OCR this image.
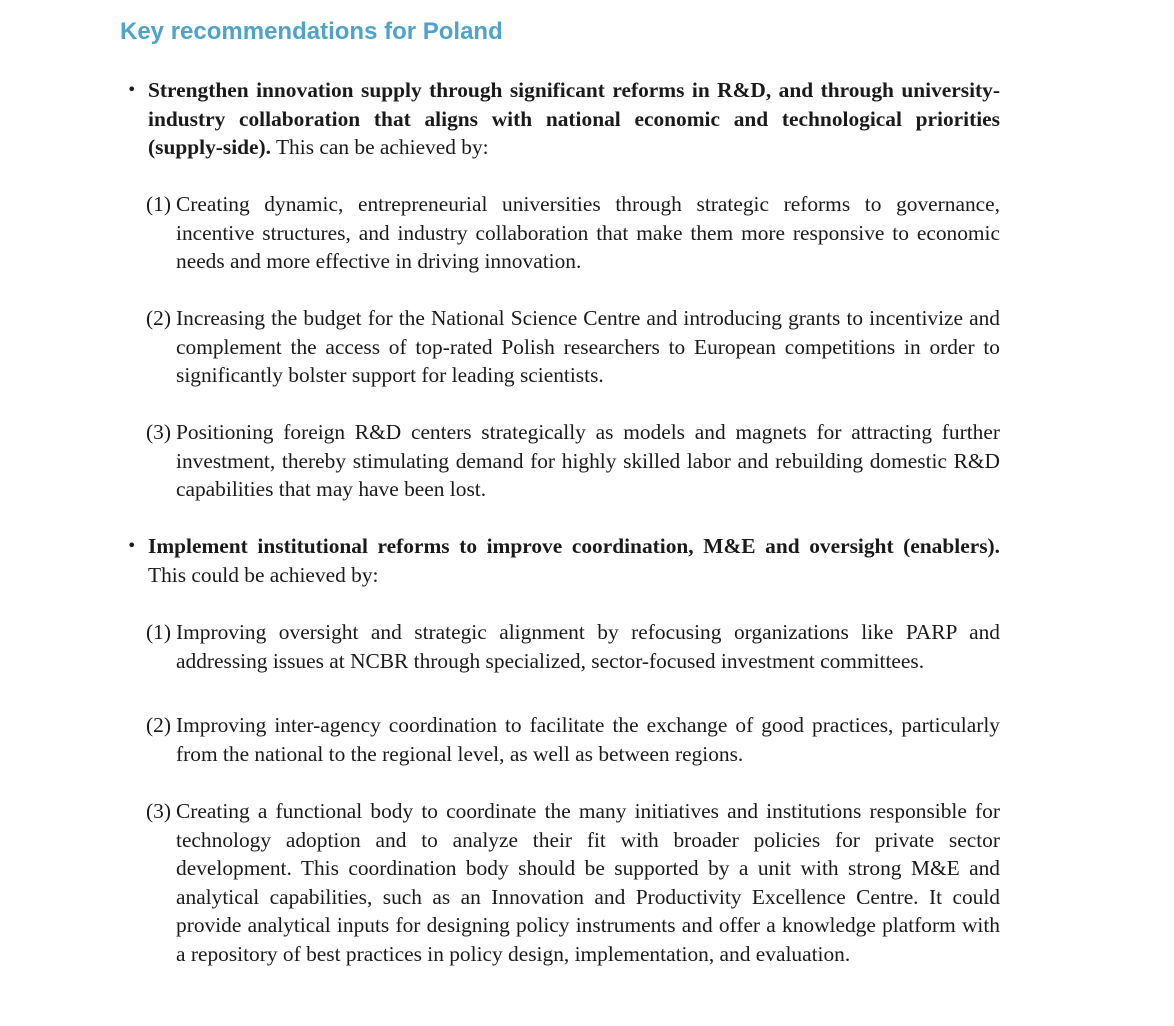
Key recommendations for Poland
• Strengthen innovation supply through significant reforms in R&D, and through university-industry collaboration that aligns with national economic and technological priorities (supply-side). This can be achieved by:

(1) Creating dynamic, entrepreneurial universities through strategic reforms to governance, incentive structures, and industry collaboration that make them more responsive to economic needs and more effective in driving innovation.

(2) Increasing the budget for the National Science Centre and introducing grants to incentivize and complement the access of top-rated Polish researchers to European competitions in order to significantly bolster support for leading scientists.

(3) Positioning foreign R&D centers strategically as models and magnets for attracting further investment, thereby stimulating demand for highly skilled labor and rebuilding domestic R&D capabilities that may have been lost.

• Implement institutional reforms to improve coordination, M&E and oversight (enablers). This could be achieved by:

(1) Improving oversight and strategic alignment by refocusing organizations like PARP and addressing issues at NCBR through specialized, sector-focused investment committees.

(2) Improving inter-agency coordination to facilitate the exchange of good practices, particularly from the national to the regional level, as well as between regions.

(3) Creating a functional body to coordinate the many initiatives and institutions responsible for technology adoption and to analyze their fit with broader policies for private sector development. This coordination body should be supported by a unit with strong M&E and analytical capabilities, such as an Innovation and Productivity Excellence Centre. It could provide analytical inputs for designing policy instruments and offer a knowledge platform with a repository of best practices in policy design, implementation, and evaluation.
